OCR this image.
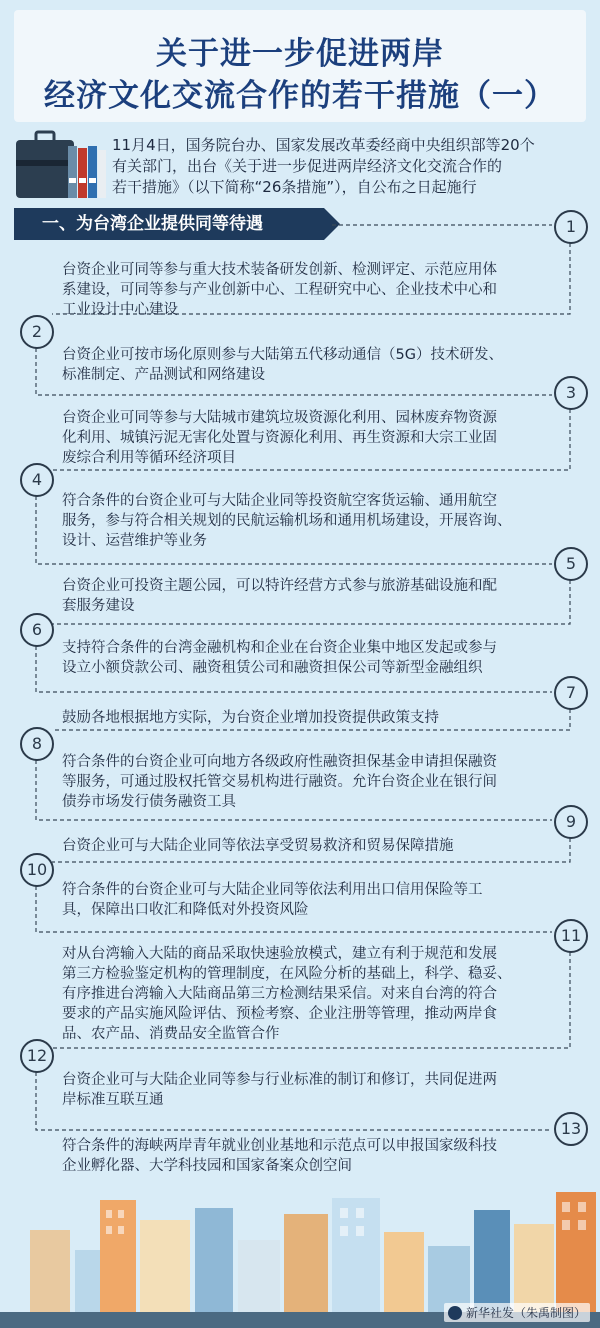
关于进一步促进两岸
经济文化交流合作的若干措施（一）
11月4日，国务院台办、国家发展改革委经商中央组织部等20个
有关部门，出台《关于进一步促进两岸经济文化交流合作的
若干措施》（以下简称“26条措施”），自公布之日起施行
一、为台湾企业提供同等待遇	1
2
3
4
5
6
7
8
9
10
11
12
13
台资企业可同等参与重大技术装备研发创新、检测评定、示范应用体
系建设，可同等参与产业创新中心、工程研究中心、企业技术中心和
工业设计中心建设
台资企业可按市场化原则参与大陆第五代移动通信（5G）技术研发、
标准制定、产品测试和网络建设
台资企业可同等参与大陆城市建筑垃圾资源化利用、园林废弃物资源
化利用、城镇污泥无害化处置与资源化利用、再生资源和大宗工业固
废综合利用等循环经济项目
符合条件的台资企业可与大陆企业同等投资航空客货运输、通用航空
服务，参与符合相关规划的民航运输机场和通用机场建设，开展咨询、
设计、运营维护等业务
台资企业可投资主题公园，可以特许经营方式参与旅游基础设施和配
套服务建设
支持符合条件的台湾金融机构和企业在台资企业集中地区发起或参与
设立小额贷款公司、融资租赁公司和融资担保公司等新型金融组织
鼓励各地根据地方实际，为台资企业增加投资提供政策支持
符合条件的台资企业可向地方各级政府性融资担保基金申请担保融资
等服务，可通过股权托管交易机构进行融资。允许台资企业在银行间
债券市场发行债务融资工具
台资企业可与大陆企业同等依法享受贸易救济和贸易保障措施
符合条件的台资企业可与大陆企业同等依法利用出口信用保险等工
具，保障出口收汇和降低对外投资风险
对从台湾输入大陆的商品采取快速验放模式，建立有利于规范和发展
第三方检验鉴定机构的管理制度，在风险分析的基础上，科学、稳妥、
有序推进台湾输入大陆商品第三方检测结果采信。对来自台湾的符合
要求的产品实施风险评估、预检考察、企业注册等管理，推动两岸食
品、农产品、消费品安全监管合作
台资企业可与大陆企业同等参与行业标准的制订和修订，共同促进两
岸标准互联互通
符合条件的海峡两岸青年就业创业基地和示范点可以申报国家级科技
企业孵化器、大学科技园和国家备案众创空间
新华社发（朱禹制图）
